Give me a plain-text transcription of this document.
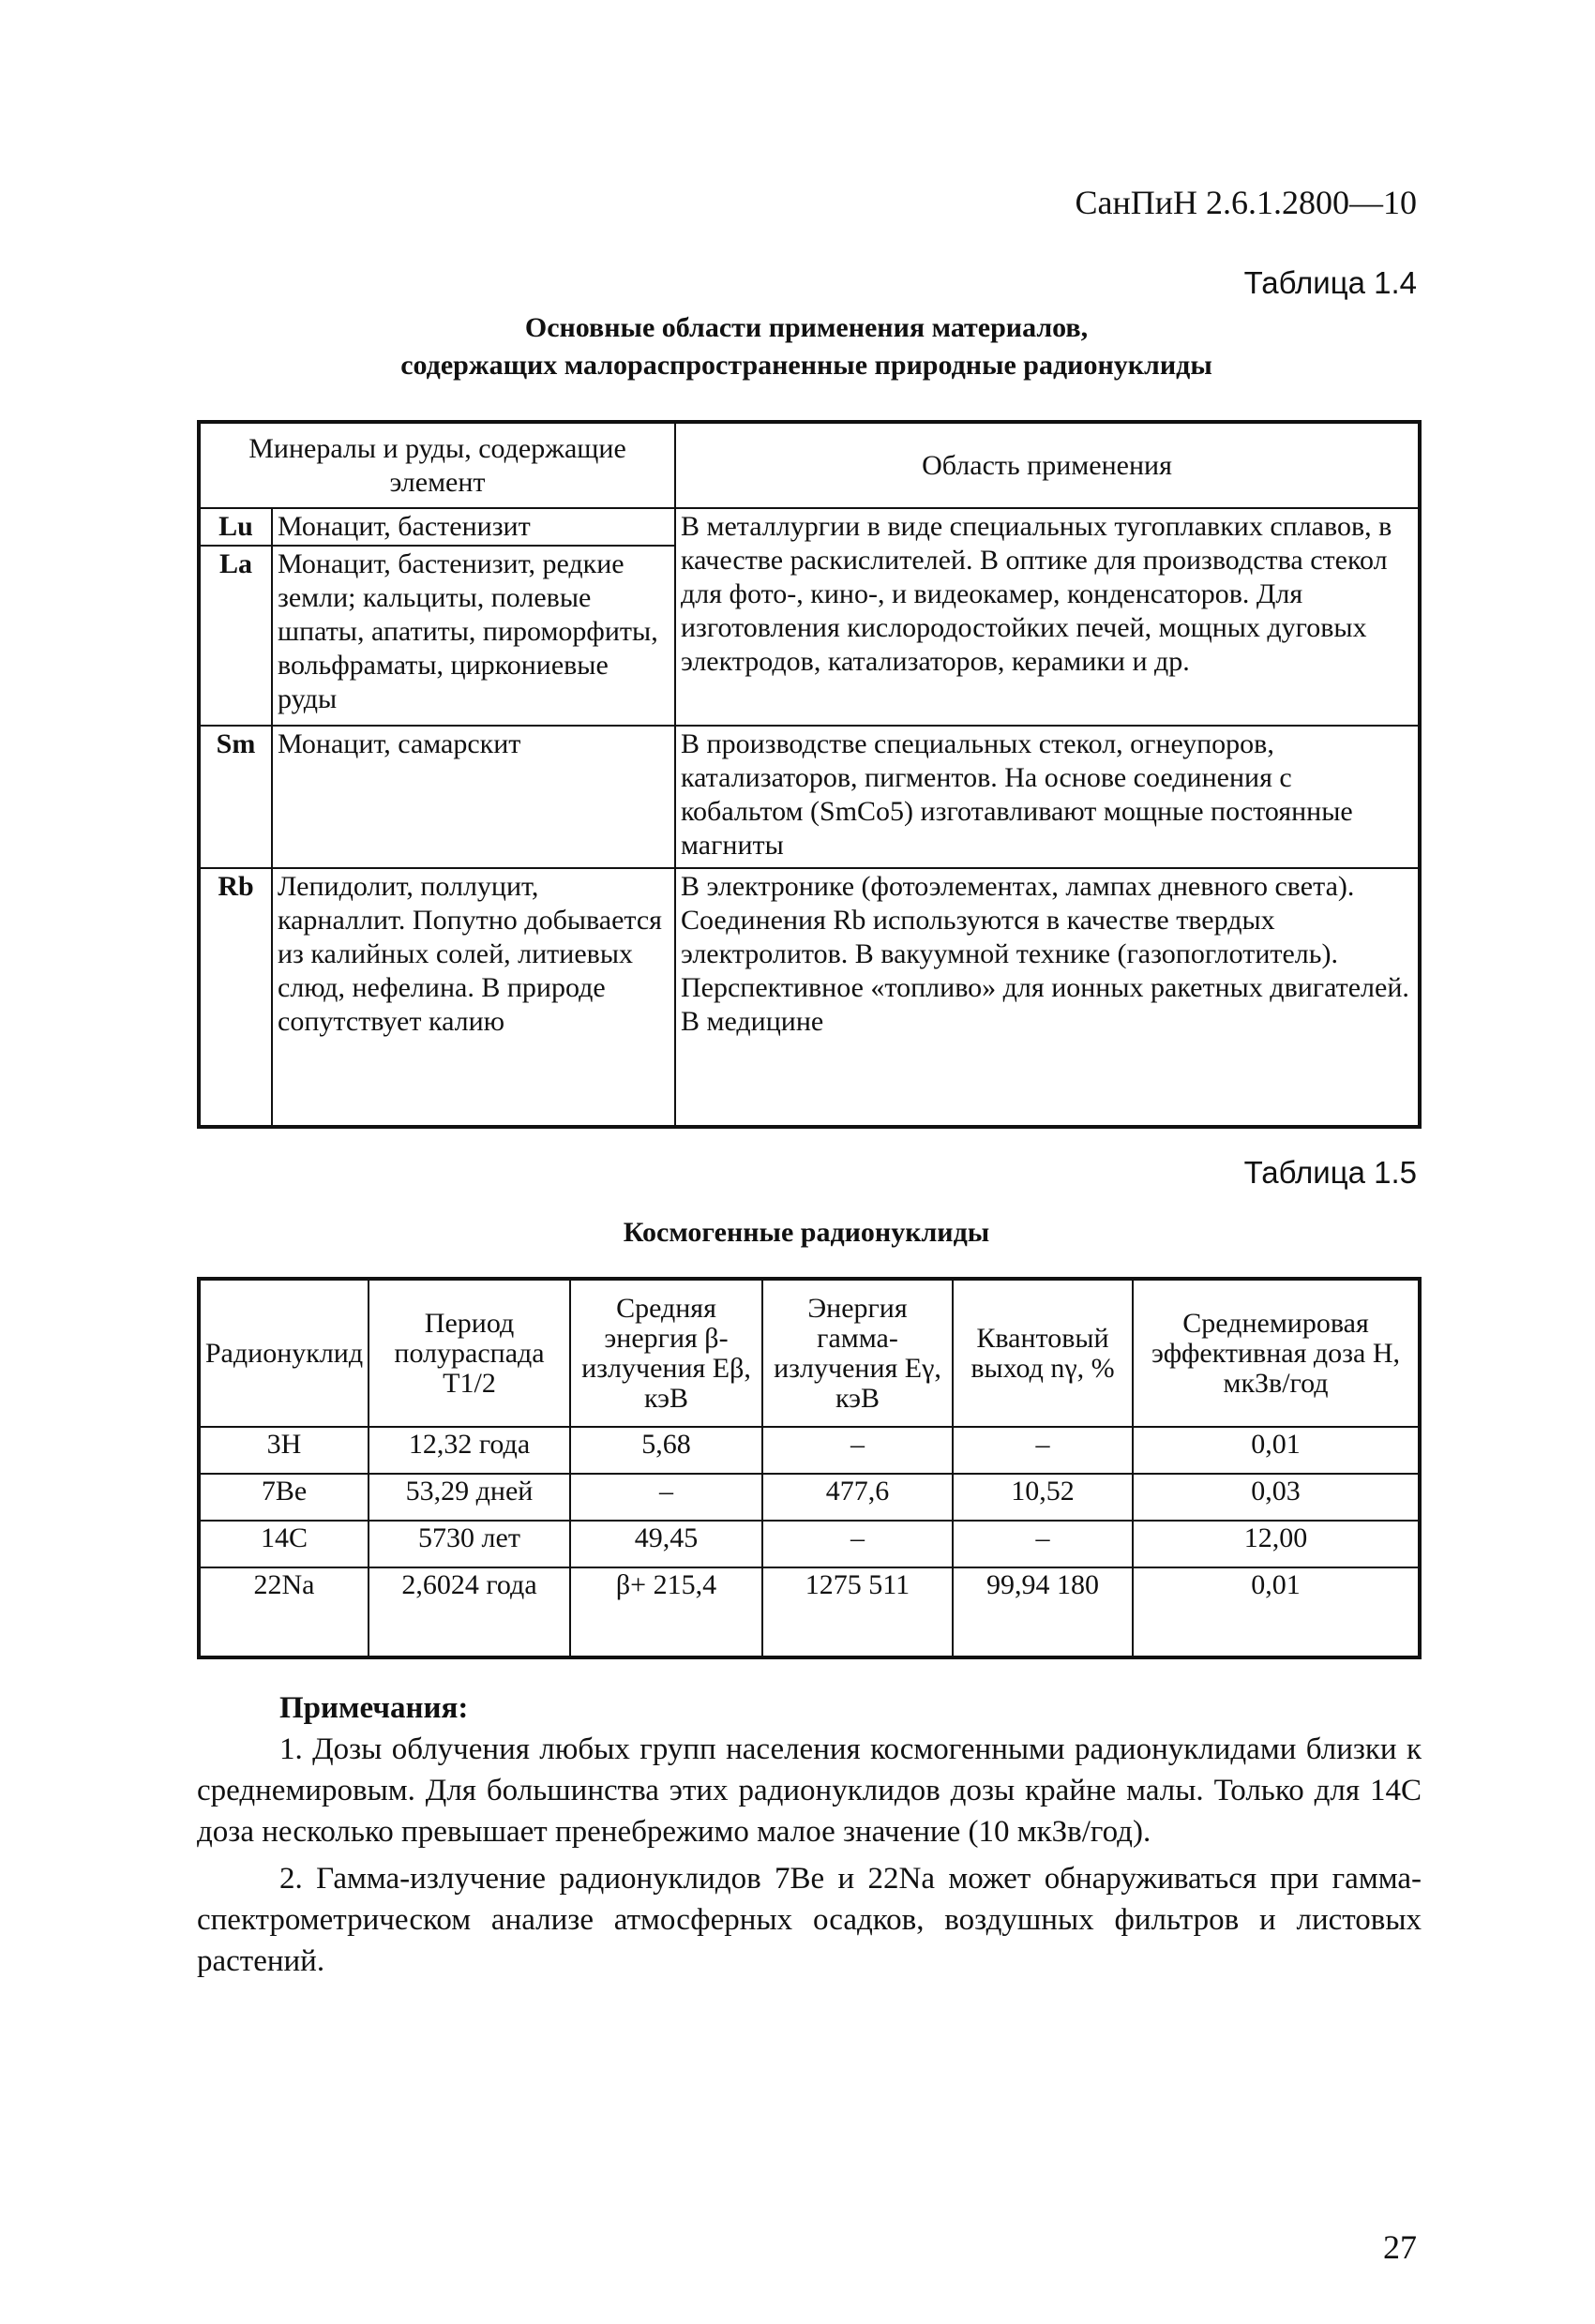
СанПиН 2.6.1.2800—10
Таблица 1.4
Основные области применения материалов,
содержащих малораспространенные природные радионуклиды
Минералы и руды, содержащие элемент		Область применения
Lu	Монацит, бастенизит	В металлургии в виде специальных тугоплавких сплавов, в качестве раскислителей. В оптике для производства стекол для фото-, кино-, и видеокамер, конденсаторов. Для изготовления кислородостойких печей, мощных дуговых электродов, катализаторов, керамики и др.
La	Монацит, бастенизит, редкие земли; кальциты, полевые шпаты, апатиты, пироморфиты, вольфраматы, циркониевые руды	
Sm	Монацит, самарскит	В производстве специальных стекол, огнеупоров, катализаторов, пигментов. На основе соединения с кобальтом (SmCo5) изготавливают мощные постоянные магниты
Rb	Лепидолит, поллуцит, карналлит. Попутно добывается из калийных солей, литиевых слюд, нефелина. В природе сопутствует калию	В электронике (фотоэлементах, лампах дневного света). Соединения Rb используются в качестве твердых электролитов. В вакуумной технике (газопоглотитель). Перспективное «топливо» для ионных ракетных двигателей. В медицине
Таблица 1.5
Космогенные радионуклиды
Радионуклид	Период полураспада T1/2	Средняя энергия β-излучения Eβ, кэВ	Энергия гамма-излучения Eγ, кэВ	Квантовый выход nγ, %	Среднемировая эффективная доза H, мкЗв/год
3H	12,32 года	5,68	–	–	0,01
7Be	53,29 дней	–	477,6	10,52	0,03
14C	5730 лет	49,45	–	–	12,00
22Na	2,6024 года	β+ 215,4	1275 511	99,94 180	0,01
Примечания:

1. Дозы облучения любых групп населения космогенными радионуклидами близки к среднемировым. Для большинства этих радионуклидов дозы крайне малы. Только для 14C доза несколько превышает пренебрежимо малое значение (10 мкЗв/год).

2. Гамма-излучение радионуклидов 7Be и 22Na может обнаруживаться при гамма-спектрометрическом анализе атмосферных осадков, воздушных фильтров и листовых растений.

27
